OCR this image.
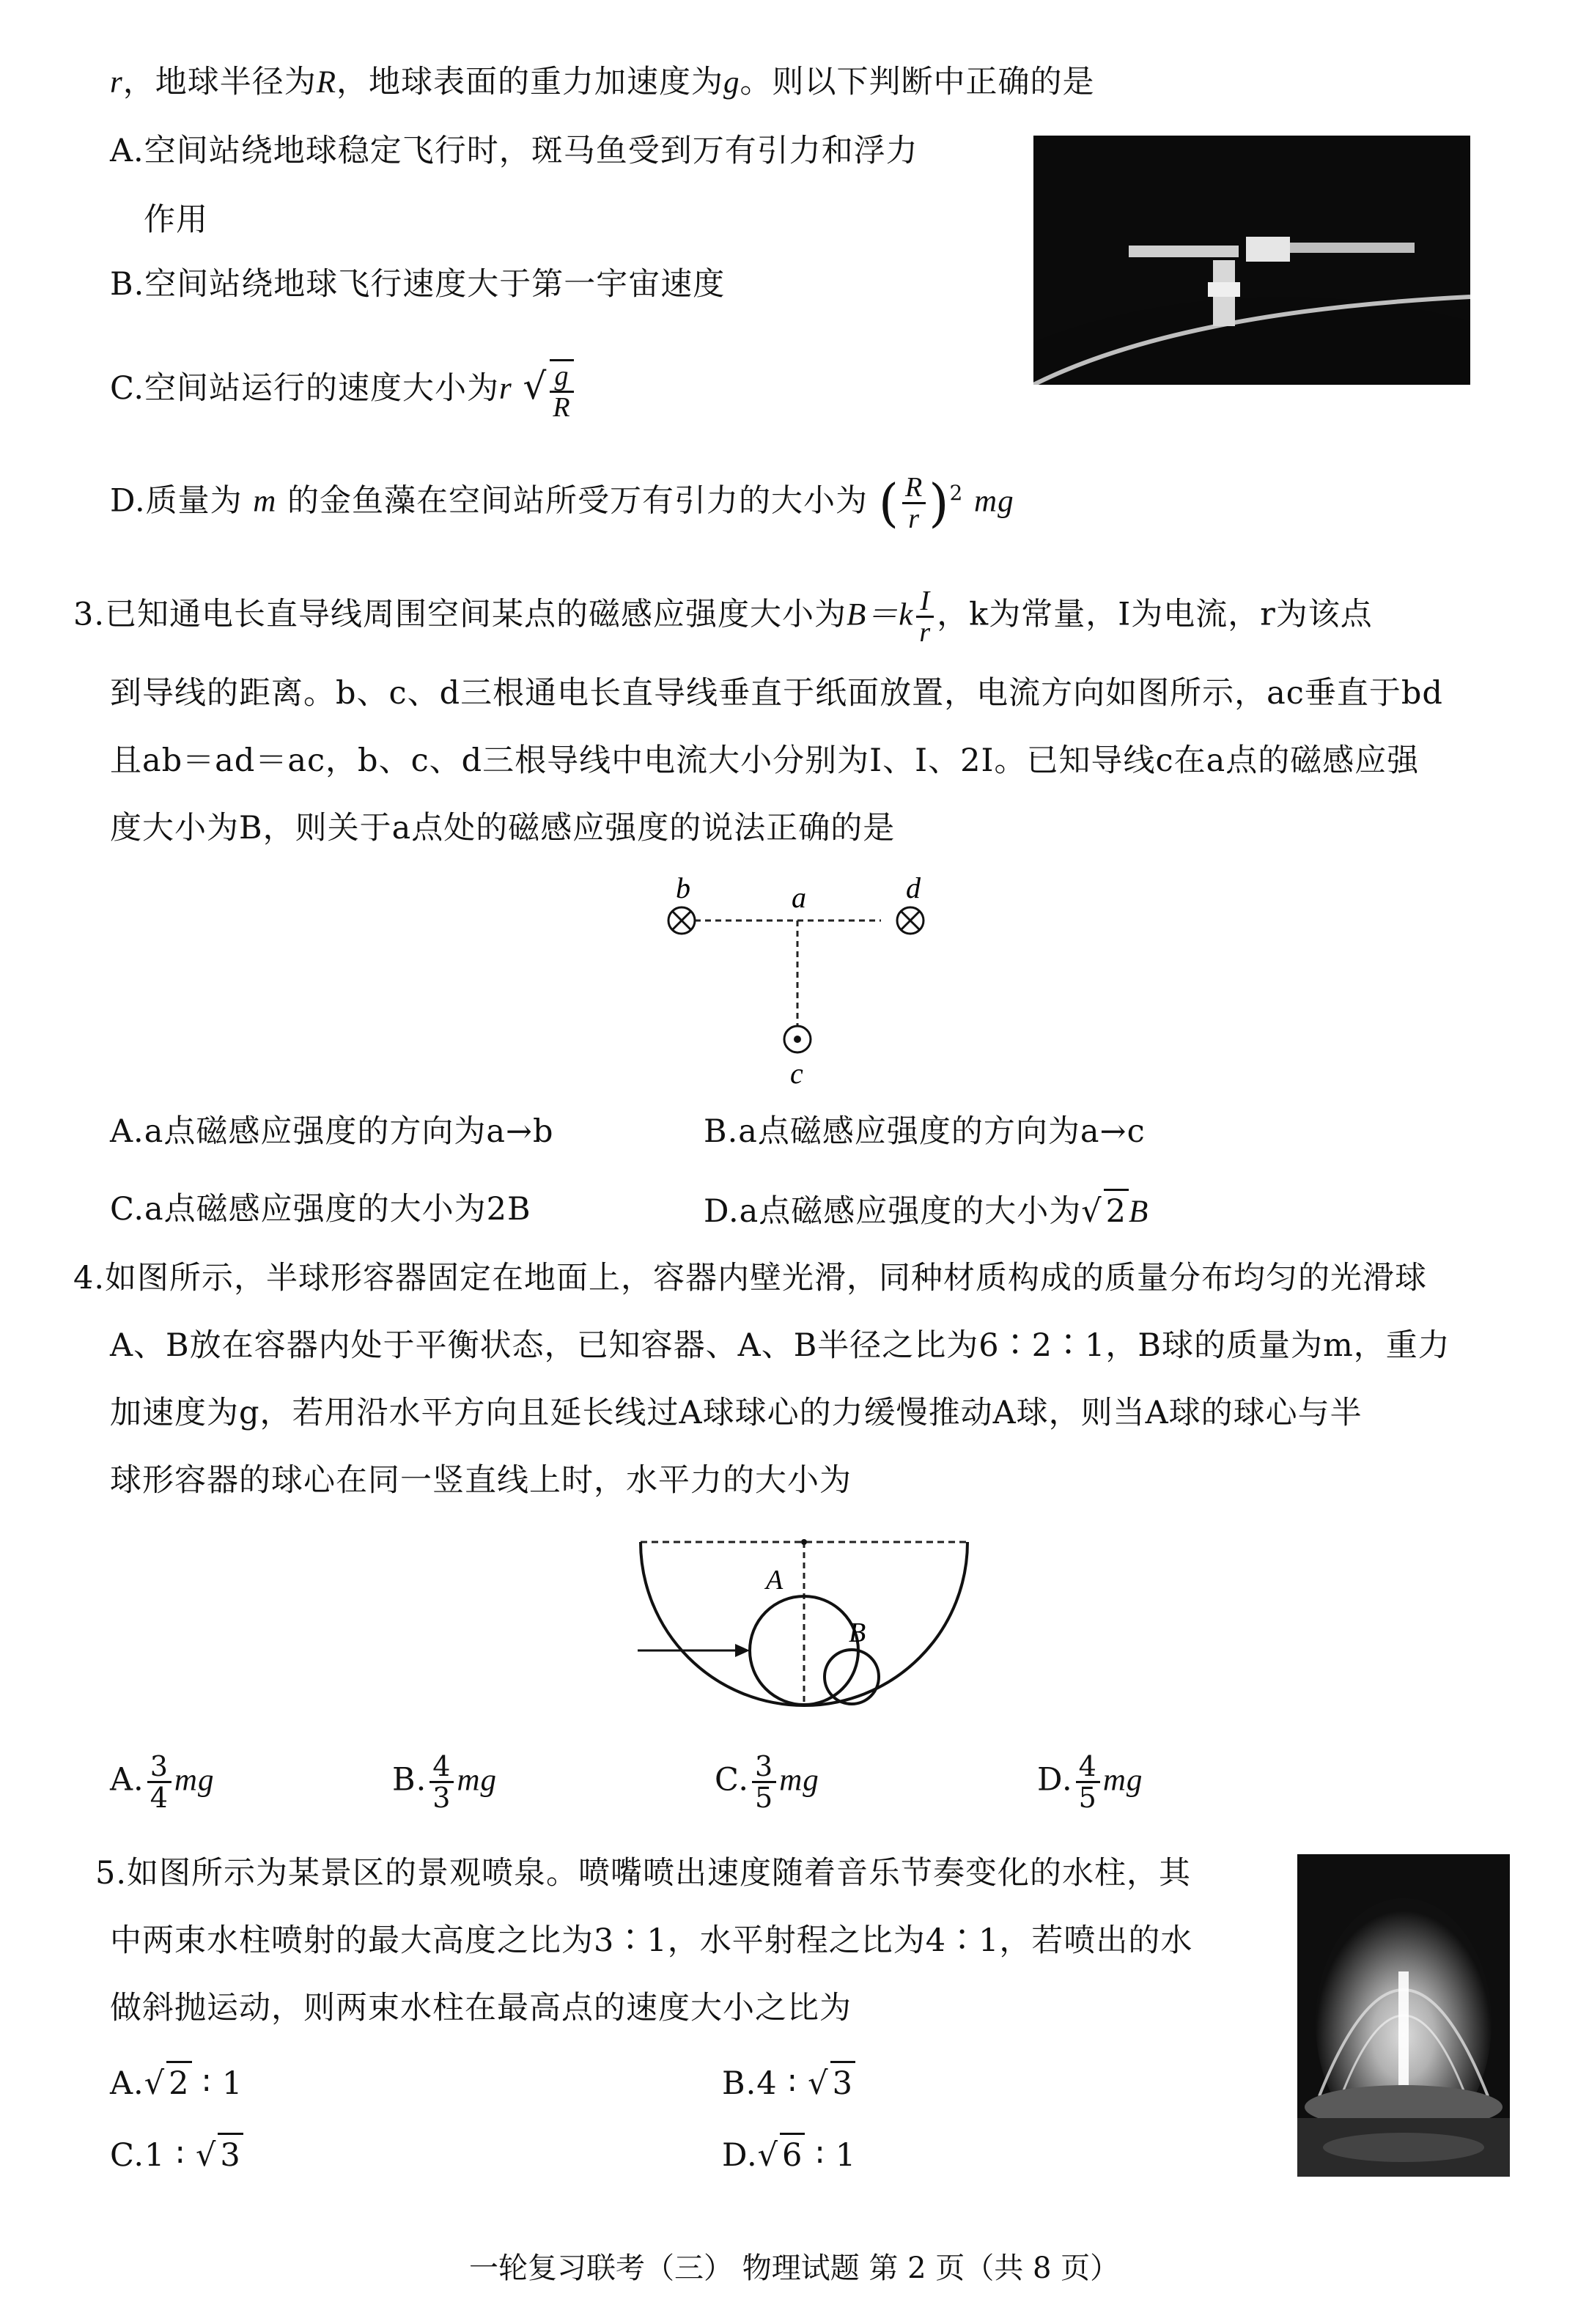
r，地球半径为R，地球表面的重力加速度为g。则以下判断中正确的是
A.空间站绕地球稳定飞行时，斑马鱼受到万有引力和浮力
作用
B.空间站绕地球飞行速度大于第一宇宙速度
C.空间站运行的速度大小为r √ $\frac{g}{R}$
D.质量为 m 的金鱼藻在空间站所受万有引力的大小为 ( $\frac{R}{r} )^2$ mg
3.已知通电长直导线周围空间某点的磁感应强度大小为$B=k \frac{I}{r}$ ，k为常量，I为电流，r为该点
到导线的距离。b、c、d三根通电长直导线垂直于纸面放置，电流方向如图所示，ac垂直于bd
且ab＝ad＝ac，b、c、d三根导线中电流大小分别为I、I、2I。已知导线c在a点的磁感应强
度大小为B，则关于a点处的磁感应强度的说法正确的是
b	a	d
c
A.a点磁感应强度的方向为a→b	B.a点磁感应强度的方向为a→c
C.a点磁感应强度的大小为2B	D.a点磁感应强度的大小为√ 2B
4.如图所示，半球形容器固定在地面上，容器内壁光滑，同种材质构成的质量分布均匀的光滑球
A、B放在容器内处于平衡状态，已知容器、A、B半径之比为6∶2∶1，B球的质量为m，重力
加速度为g，若用沿水平方向且延长线过A球球心的力缓慢推动A球，则当A球的球心与半
球形容器的球心在同一竖直线上时，水平力的大小为
A
B
A. $\frac{3}{4}$ mg	B. $\frac{4}{3}$ mg	C. $\frac{3}{5}$ mg	D. $\frac{4}{5}$ mg
5.如图所示为某景区的景观喷泉。喷嘴喷出速度随着音乐节奏变化的水柱，其
中两束水柱喷射的最大高度之比为3∶1，水平射程之比为4∶1，若喷出的水
做斜抛运动，则两束水柱在最高点的速度大小之比为
A.√ 2 ∶ 1	B.4 ∶ √ 3
C.1 ∶ √ 3	D.√ 6 ∶ 1
一轮复习联考（三） 物理试题 第 2 页（共 8 页）
